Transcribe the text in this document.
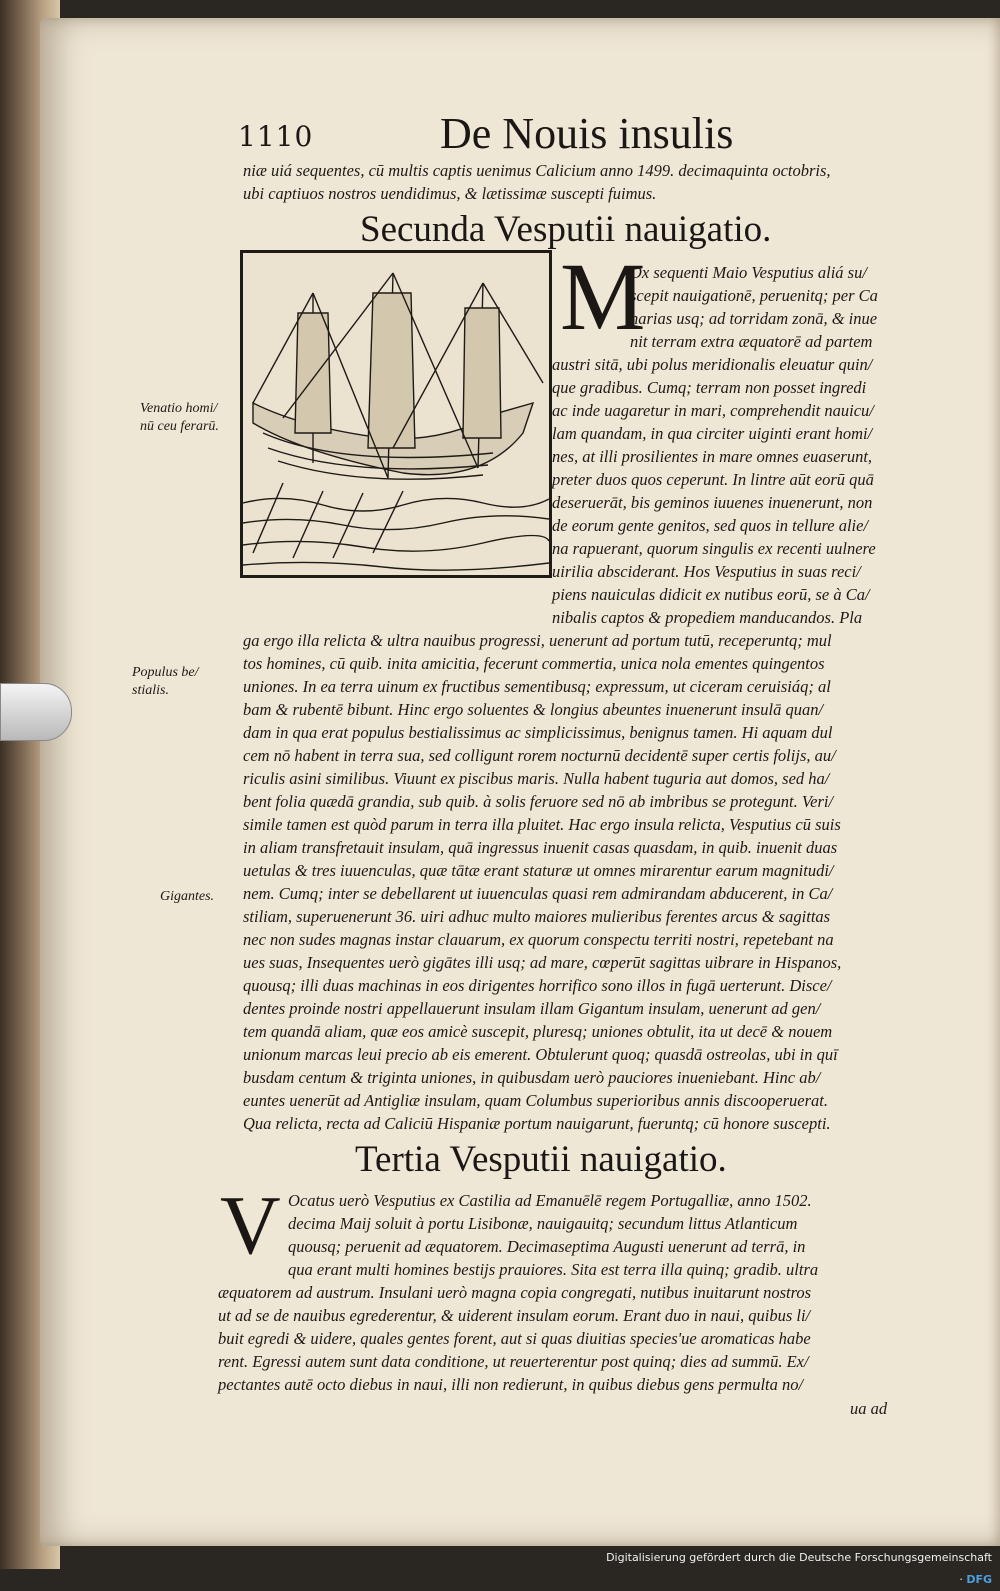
1110	De Nouis insulis
niæ uiá sequentes, cū multis captis uenimus Calicium anno 1499. decimaquinta octobris,
ubi captiuos nostros uendidimus, & lætissimæ suscepti fuimus.
Secunda Vesputii nauigatio.
M
Ox sequenti Maio Vesputius aliá su/
scepit nauigationē, peruenitq; per Ca
narias usq; ad torridam zonā, & inue
nit terram extra æquatorē ad partem
austri sitā, ubi polus meridionalis eleuatur quin/
que gradibus. Cumq; terram non posset ingredi
ac inde uagaretur in mari, comprehendit nauicu/
lam quandam, in qua circiter uiginti erant homi/
nes, at illi prosilientes in mare omnes euaserunt,
preter duos quos ceperunt. In lintre aūt eorū quā
deseruerāt, bis geminos iuuenes inuenerunt, non
de eorum gente genitos, sed quos in tellure alie/
na rapuerant, quorum singulis ex recenti uulnere
uirilia absciderant. Hos Vesputius in suas reci/
piens nauiculas didicit ex nutibus eorū, se à Ca/
nibalis captos & propediem manducandos. Pla
Venatio homi/
nū ceu ferarū.
ga ergo illa relicta & ultra nauibus progressi, uenerunt ad portum tutū, receperuntq; mul
tos homines, cū quib. inita amicitia, fecerunt commertia, unica nola ementes quingentos
uniones. In ea terra uinum ex fructibus sementibusq; expressum, ut ciceram ceruisiáq; al
bam & rubentē bibunt. Hinc ergo soluentes & longius abeuntes inuenerunt insulā quan/
dam in qua erat populus bestialissimus ac simplicissimus, benignus tamen. Hi aquam dul
cem nō habent in terra sua, sed colligunt rorem nocturnū decidentē super certis folijs, au/
riculis asini similibus. Viuunt ex piscibus maris. Nulla habent tuguria aut domos, sed ha/
bent folia quædā grandia, sub quib. à solis feruore sed nō ab imbribus se protegunt. Veri/
simile tamen est quòd parum in terra illa pluitet. Hac ergo insula relicta, Vesputius cū suis
in aliam transfretauit insulam, quā ingressus inuenit casas quasdam, in quib. inuenit duas
uetulas & tres iuuenculas, quæ tātæ erant staturæ ut omnes mirarentur earum magnitudi/
nem. Cumq; inter se debellarent ut iuuenculas quasi rem admirandam abducerent, in Ca/
stiliam, superuenerunt 36. uiri adhuc multo maiores mulieribus ferentes arcus & sagittas
nec non sudes magnas instar clauarum, ex quorum conspectu territi nostri, repetebant na
ues suas, Insequentes uerò gigātes illi usq; ad mare, cœperūt sagittas uibrare in Hispanos,
quousq; illi duas machinas in eos dirigentes horrifico sono illos in fugā uerterunt. Disce/
dentes proinde nostri appellauerunt insulam illam Gigantum insulam, uenerunt ad gen/
tem quandā aliam, quæ eos amicè suscepit, pluresq; uniones obtulit, ita ut decē & nouem
unionum marcas leui precio ab eis emerent. Obtulerunt quoq; quasdā ostreolas, ubi in quī
busdam centum & triginta uniones, in quibusdam uerò pauciores inueniebant. Hinc ab/
euntes uenerūt ad Antigliæ insulam, quam Columbus superioribus annis discooperuerat.
Qua relicta, recta ad Caliciū Hispaniæ portum nauigarunt, fueruntq; cū honore suscepti.
Populus be/
stialis.
Gigantes.
Tertia Vesputii nauigatio.
V Ocatus uerò Vesputius ex Castilia ad Emanuēlē regem Portugalliæ, anno 1502.
decima Maij soluit à portu Lisibonæ, nauigauitq; secundum littus Atlanticum
quousq; peruenit ad æquatorem. Decimaseptima Augusti uenerunt ad terrā, in
qua erant multi homines bestijs prauiores. Sita est terra illa quinq; gradib. ultra
æquatorem ad austrum. Insulani uerò magna copia congregati, nutibus inuitarunt nostros
ut ad se de nauibus egrederentur, & uiderent insulam eorum. Erant duo in naui, quibus li/
buit egredi & uidere, quales gentes forent, aut si quas diuitias species'ue aromaticas habe
rent. Egressi autem sunt data conditione, ut reuerterentur post quinq; dies ad summū. Ex/
pectantes autē octo diebus in naui, illi non redierunt, in quibus diebus gens permulta no/
ua ad
Digitalisierung gefördert durch die Deutsche Forschungsgemeinschaft · DFG
